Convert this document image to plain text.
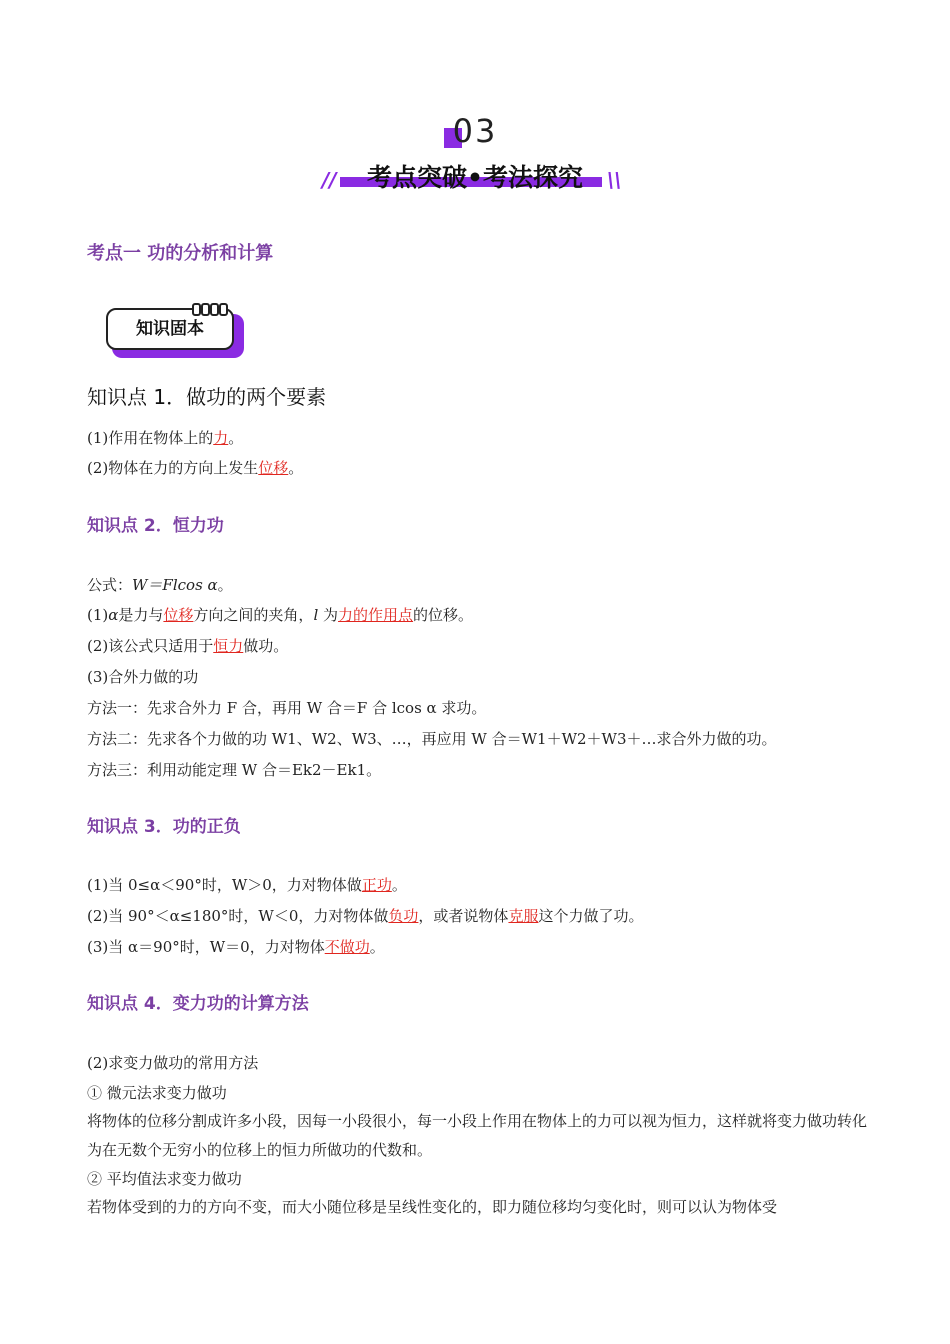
03
//	考点突破•考法探究	\\
考点一 功的分析和计算
知识固本
知识点 1．做功的两个要素
(1)作用在物体上的力。
(2)物体在力的方向上发生位移。
知识点 2．恒力功
公式：W＝Flcos α。
(1)α是力与位移方向之间的夹角，l 为力的作用点的位移。
(2)该公式只适用于恒力做功。
(3)合外力做的功
方法一：先求合外力 F 合，再用 W 合＝F 合 lcos α 求功。
方法二：先求各个力做的功 W1、W2、W3、…，再应用 W 合＝W1＋W2＋W3＋…求合外力做的功。
方法三：利用动能定理 W 合＝Ek2－Ek1。
知识点 3．功的正负
(1)当 0≤α＜90°时，W＞0，力对物体做正功。
(2)当 90°＜α≤180°时，W＜0，力对物体做负功，或者说物体克服这个力做了功。
(3)当 α＝90°时，W＝0，力对物体不做功。
知识点 4．变力功的计算方法
(2)求变力做功的常用方法
① 微元法求变力做功
将物体的位移分割成许多小段，因每一小段很小，每一小段上作用在物体上的力可以视为恒力，这样就将变力做功转化为在无数个无穷小的位移上的恒力所做功的代数和。
② 平均值法求变力做功
若物体受到的力的方向不变，而大小随位移是呈线性变化的，即力随位移均匀变化时，则可以认为物体受
